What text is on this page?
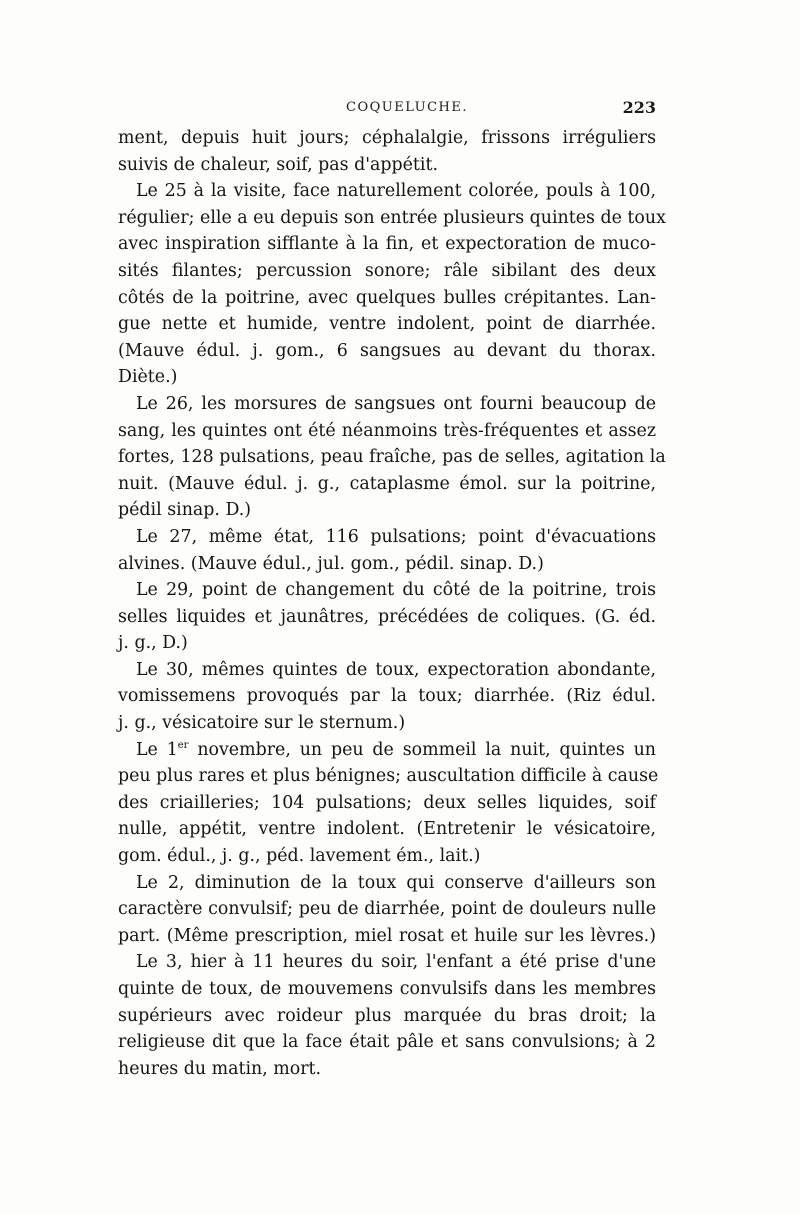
COQUELUCHE.	223
ment, depuis huit jours; céphalalgie, frissons irréguliers
suivis de chaleur, soif, pas d'appétit.
Le 25 à la visite, face naturellement colorée, pouls à 100,
régulier; elle a eu depuis son entrée plusieurs quintes de toux
avec inspiration sifflante à la fin, et expectoration de muco-
sités filantes; percussion sonore; râle sibilant des deux
côtés de la poitrine, avec quelques bulles crépitantes. Lan-
gue nette et humide, ventre indolent, point de diarrhée.
(Mauve édul. j. gom., 6 sangsues au devant du thorax.
Diète.)
Le 26, les morsures de sangsues ont fourni beaucoup de
sang, les quintes ont été néanmoins très-fréquentes et assez
fortes, 128 pulsations, peau fraîche, pas de selles, agitation la
nuit. (Mauve édul. j. g., cataplasme émol. sur la poitrine,
pédil sinap. D.)
Le 27, même état, 116 pulsations; point d'évacuations
alvines. (Mauve édul., jul. gom., pédil. sinap. D.)
Le 29, point de changement du côté de la poitrine, trois
selles liquides et jaunâtres, précédées de coliques. (G. éd.
j. g., D.)
Le 30, mêmes quintes de toux, expectoration abondante,
vomissemens provoqués par la toux; diarrhée. (Riz édul.
j. g., vésicatoire sur le sternum.)
Le 1er novembre, un peu de sommeil la nuit, quintes un
peu plus rares et plus bénignes; auscultation difficile à cause
des criailleries; 104 pulsations; deux selles liquides, soif
nulle, appétit, ventre indolent. (Entretenir le vésicatoire,
gom. édul., j. g., péd. lavement ém., lait.)
Le 2, diminution de la toux qui conserve d'ailleurs son
caractère convulsif; peu de diarrhée, point de douleurs nulle
part. (Même prescription, miel rosat et huile sur les lèvres.)
Le 3, hier à 11 heures du soir, l'enfant a été prise d'une
quinte de toux, de mouvemens convulsifs dans les membres
supérieurs avec roideur plus marquée du bras droit; la
religieuse dit que la face était pâle et sans convulsions; à 2
heures du matin, mort.
